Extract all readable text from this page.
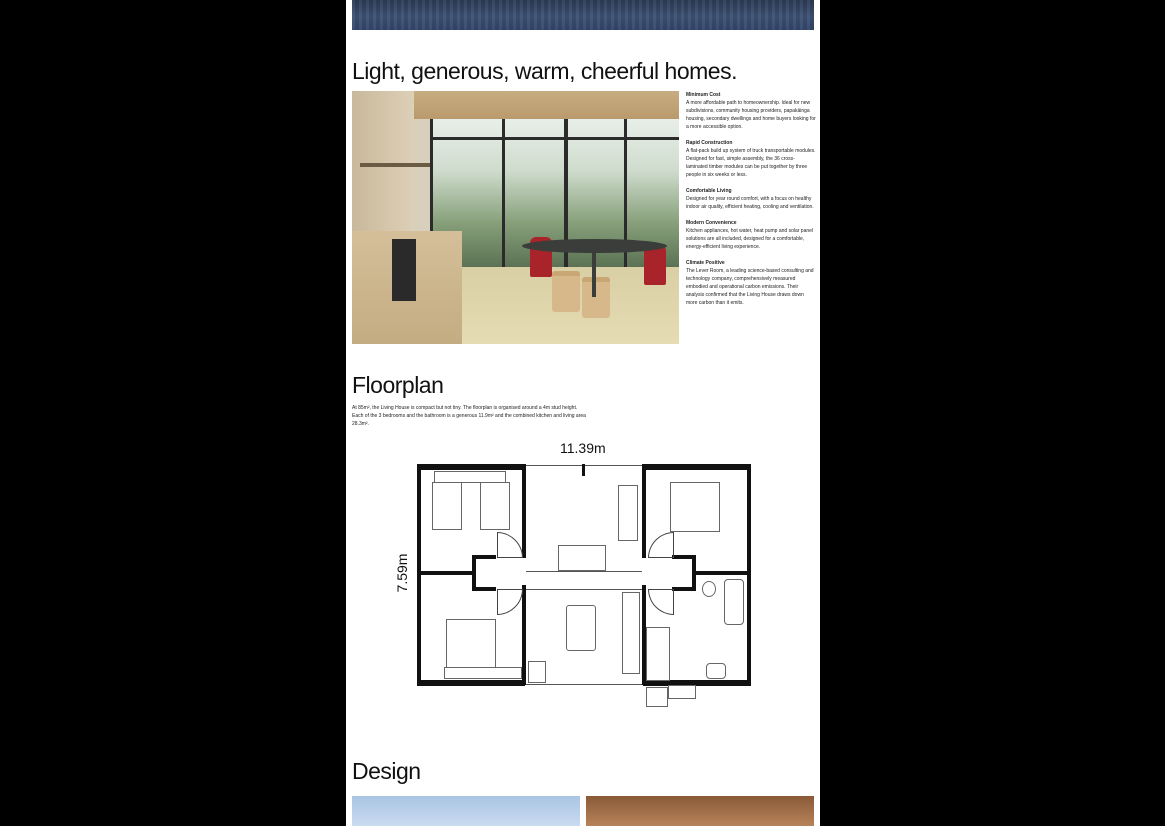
Light, generous, warm, cheerful homes.
Minimum Cost
A more affordable path to homeownership. Ideal for new subdivisions, community housing providers, papakāinga housing, secondary dwellings and home buyers looking for a more accessible option.
Rapid Construction
A flat-pack build up system of truck transportable modules. Designed for fast, simple assembly, the 36 cross-laminated timber modules can be put together by three people in six weeks or less.
Comfortable Living
Designed for year round comfort, with a focus on healthy indoor air quality, efficient heating, cooling and ventilation.
Modern Convenience
Kitchen appliances, hot water, heat pump and solar panel solutions are all included, designed for a comfortable, energy-efficient living experience.
Climate Positive
The Lever Room, a leading science-based consulting and technology company, comprehensively measured embodied and operational carbon emissions. Their analysis confirmed that the Living House draws down more carbon than it emits.
Floorplan
At 85m², the Living House is compact but not tiny. The floorplan is organised around a 4m stud height. Each of the 3 bedrooms and the bathroom is a generous 11.9m² and the combined kitchen and living area 28.3m².
11.39m
7.59m
Design
